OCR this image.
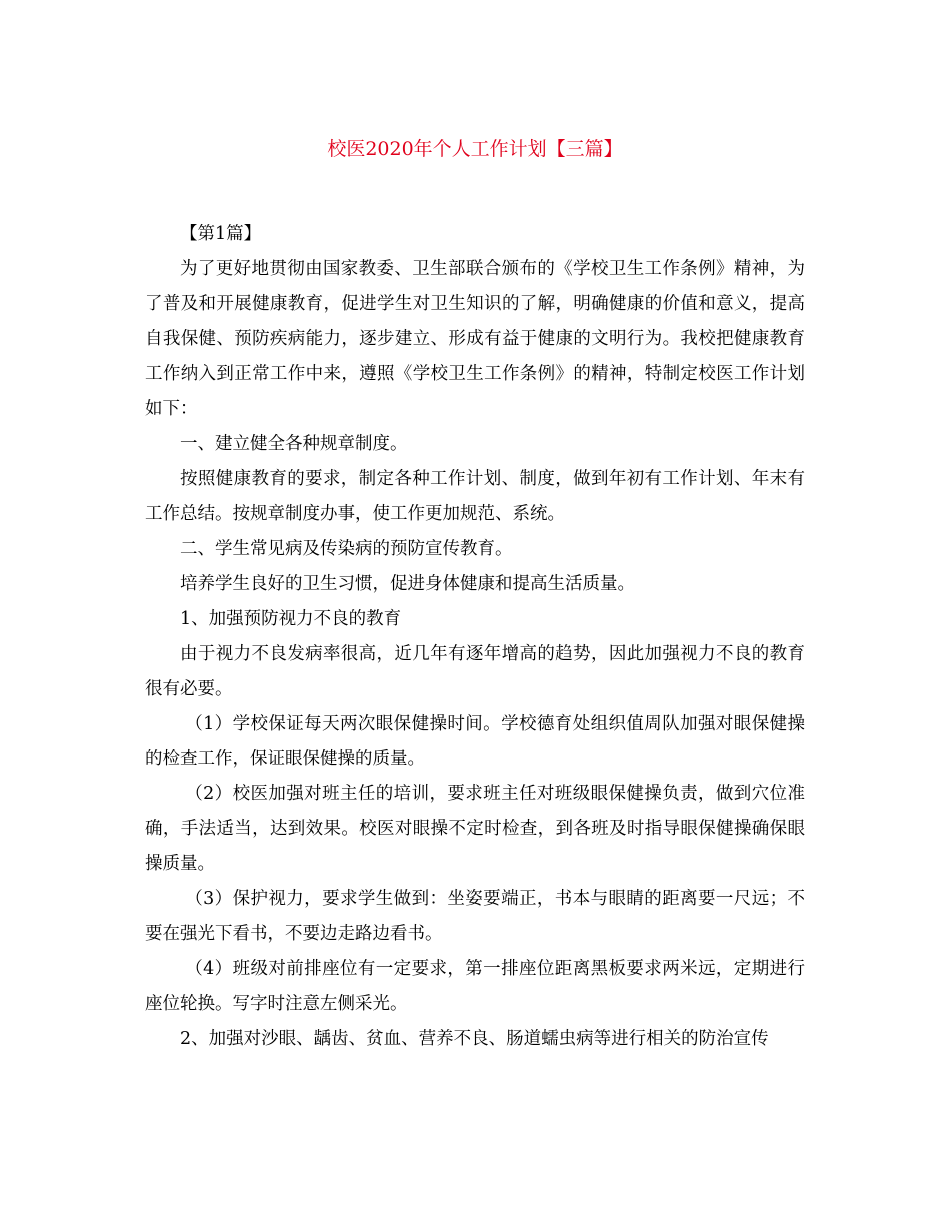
校医2020年个人工作计划【三篇】

【第1篇】

为了更好地贯彻由国家教委、卫生部联合颁布的《学校卫生工作条例》精神，为了普及和开展健康教育，促进学生对卫生知识的了解，明确健康的价值和意义，提高自我保健、预防疾病能力，逐步建立、形成有益于健康的文明行为。我校把健康教育工作纳入到正常工作中来，遵照《学校卫生工作条例》的精神，特制定校医工作计划如下：

一、建立健全各种规章制度。

按照健康教育的要求，制定各种工作计划、制度，做到年初有工作计划、年末有工作总结。按规章制度办事，使工作更加规范、系统。

二、学生常见病及传染病的预防宣传教育。

培养学生良好的卫生习惯，促进身体健康和提高生活质量。

1、加强预防视力不良的教育

由于视力不良发病率很高，近几年有逐年增高的趋势，因此加强视力不良的教育很有必要。

（1）学校保证每天两次眼保健操时间。学校德育处组织值周队加强对眼保健操的检查工作，保证眼保健操的质量。

（2）校医加强对班主任的培训，要求班主任对班级眼保健操负责，做到穴位准确，手法适当，达到效果。校医对眼操不定时检查，到各班及时指导眼保健操确保眼操质量。

（3）保护视力，要求学生做到：坐姿要端正，书本与眼睛的距离要一尺远；不要在强光下看书，不要边走路边看书。

（4）班级对前排座位有一定要求，第一排座位距离黑板要求两米远，定期进行座位轮换。写字时注意左侧采光。

2、加强对沙眼、龋齿、贫血、营养不良、肠道蠕虫病等进行相关的防治宣传
